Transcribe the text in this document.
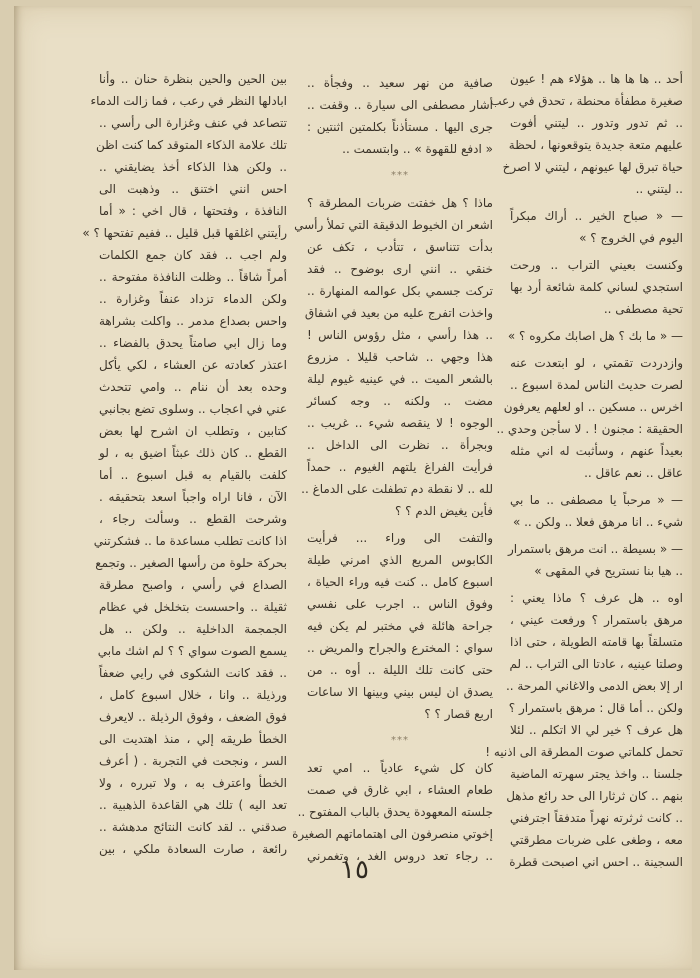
أحد .. ها ها ها .. هؤلاء هم ! عيون
صغيرة مطفأة محنطة ، تحدق في رعب
.. ثم تدور وتدور .. ليتني أفوت
عليهم متعة جديدة يتوقعونها ، لحظة
حياة تبرق لها عيونهم ، ليتني لا اصرخ
.. ليتني ..
— « صباح الخير .. أراك مبكراً
اليوم في الخروج ؟ »
وكنست بعيني التراب .. ورحت
استجدي لساني كلمة شائعة أرد بها
تحية مصطفى ..
— « ما بك ؟ هل اصابك مكروه ؟ »
وازدردت تقمتي ، لو ابتعدت عنه
لصرت حديث الناس لمدة اسبوع ..
اخرس .. مسكين .. او لعلهم يعرفون
الحقيقة : مجنون ! . لا سأجن وحدي ..
بعيداً عنهم ، وسأثبت له اني مثله
عاقل .. نعم عاقل ..
— « مرحباً يا مصطفى .. ما بي
شيء .. انا مرهق فعلا .. ولكن .. »
— « بسيطة .. انت مرهق باستمرار
.. هيا بنا نستريح في المقهى »
اوه .. هل عرف ؟ ماذا يعني :
مرهق باستمرار ؟ ورفعت عيني ،
متسلقاً بها قامته الطويلة ، حتى اذا
وصلتا عينيه ، عادتا الى التراب .. لم
ار إلا بعض الدمى والاغاني المرحة ..
ولكن .. أما قال : مرهق باستمرار ؟
هل عرف ؟ خير لي الا اتكلم .. لئلا
تحمل كلماتي صوت المطرقة الى اذنيه !
جلسنا .. واخذ يجتر سهرته الماضية
بنهم .. كان ثرثارا الى حد رائع مذهل
.. كانت ثرثرته نهراً متدفقاً اجترفني
معه ، وطغى على ضربات مطرقتي
السجينة .. احس اني اصبحت قطرة
صافية من نهر سعيد .. وفجأة ..
أشار مصطفى الى سيارة .. وقفت ..
جرى اليها . مستأذناً بكلمتين اثنتين :
« ادفع للقهوة » .. وابتسمت ..
***
ماذا ؟ هل خفتت ضربات المطرقة ؟
اشعر ان الخيوط الدقيقة التي تملأ رأسي
بدأت تتناسق ، تتأدب ، تكف عن
خنقي .. انني ارى بوضوح .. فقد
تركت جسمي بكل عوالمه المنهارة ..
واخذت اتفرج عليه من بعيد في اشفاق
.. هذا رأسي ، مثل رؤوس الناس !
هذا وجهي .. شاحب قليلا . مزروع
بالشعر الميت .. في عينيه غيوم ليلة
مضت .. ولكنه .. وجه كسائر
الوجوه ! لا ينقصه شيء .. غريب ..
وبجرأة .. نظرت الى الداخل ..
فرأيت الفراغ يلتهم الغيوم .. حمداً
لله .. لا نقطة دم تطفلت على الدماغ ..
فأين يغيض الدم ؟ ؟
والتفت الى وراء ... فرأيت
الكابوس المريع الذي امرني طيلة
اسبوع كامل .. كنت فيه وراء الحياة ،
وفوق الناس .. اجرب على نفسي
جراحة هائلة في مختبر لم يكن فيه
سواي : المخترع والجراح والمريض ..
حتى كانت تلك الليلة .. أوه .. من
يصدق ان ليس بيني وبينها الا ساعات
اربع قصار ؟ ؟
***
كان كل شيء عادياً .. امي تعد
طعام العشاء ، ابي غارق في صمت
جلسته المعهودة يحدق بالباب المفتوح ..
إخوتي منصرفون الى اهتماماتهم الصغيرة
.. رجاء تعد دروس الغد ، وتغمرني
بين الحين والحين بنظرة حنان .. وأنا
ابادلها النظر في رعب ، فما زالت الدماء
تتصاعد في عنف وغزارة الى رأسي ..
تلك علامة الذكاء المتوقد كما كنت اظن
.. ولكن هذا الذكاء أخذ يضايقني ..
احس انني اختنق .. وذهبت الى
النافذة ، وفتحتها ، قال اخي : « أما
رأيتني اغلقها قبل قليل .. ففيم تفتحها ؟ »
ولم اجب .. فقد كان جمع الكلمات
أمراً شاقاً .. وظلت النافذة مفتوحة ..
ولكن الدماء تزداد عنفاً وغزارة ..
واحس بصداع مدمر .. واكلت بشراهة
وما زال ابي صامتاً يحدق بالفضاء ..
اعتذر كعادته عن العشاء ، لكي يأكل
وحده بعد أن ننام .. وامي تتحدث
عني في اعجاب .. وسلوى تضع بجانبي
كتابين ، وتطلب ان اشرح لها بعض
القطع .. كان ذلك عبثاً اضيق به ، لو
كلفت بالقيام به قبل اسبوع .. أما
الآن ، فانا اراه واجباً اسعد بتحقيقه .
وشرحت القطع .. وسألت رجاء ،
اذا كانت تطلب مساعدة ما .. فشكرتني
بحركة حلوة من رأسها الصغير .. وتجمع
الصداع في رأسي ، واصبح مطرقة
ثقيلة .. واحسست بتخلخل في عظام
الجمجمة الداخلية .. ولكن .. هل
يسمع الصوت سواي ؟ ؟ لم اشك مابي
.. فقد كانت الشكوى في رايي ضعفاً
ورذيلة .. وانا ، خلال اسبوع كامل ،
فوق الضعف ، وفوق الرذيلة .. لايعرف
الخطأ طريقه إلي ، منذ اهتديت الى
السر ، ونجحت في التجربة . ( أعرف
الخطأ واعترف به ، ولا تبرره ، ولا
تعد اليه ) تلك هي القاعدة الذهبية ..
صدقني .. لقد كانت النتائج مدهشة ..
رائعة ، صارت السعادة ملكي ، بين
١٥
